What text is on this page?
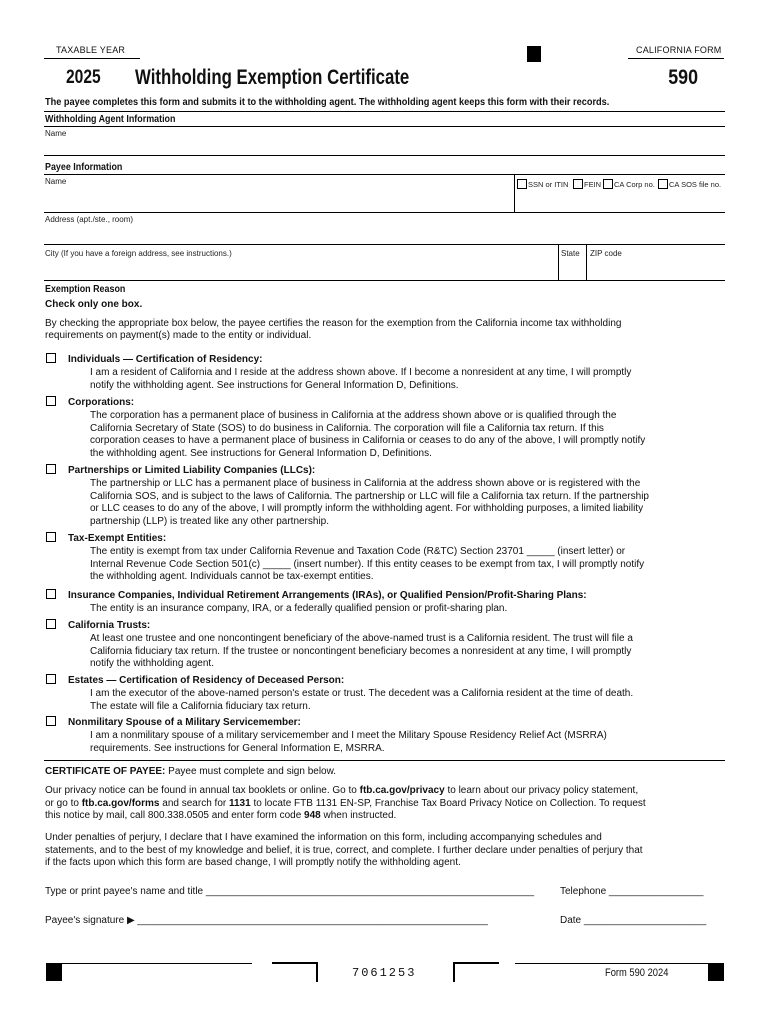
TAXABLE YEAR	CALIFORNIA FORM
2025 Withholding Exemption Certificate	590
The payee completes this form and submits it to the withholding agent. The withholding agent keeps this form with their records.
Withholding Agent Information
Name
Payee Information
Name	SSN or ITIN FEIN CA Corp no. CA SOS file no.
Address (apt./ste., room)
City (If you have a foreign address, see instructions.)	State ZIP code
Exemption Reason
Check only one box.
By checking the appropriate box below, the payee certifies the reason for the exemption from the California income tax withholding
requirements on payment(s) made to the entity or individual.
Individuals — Certification of Residency:
I am a resident of California and I reside at the address shown above. If I become a nonresident at any time, I will promptly
notify the withholding agent. See instructions for General Information D, Definitions.
Corporations:
The corporation has a permanent place of business in California at the address shown above or is qualified through the
California Secretary of State (SOS) to do business in California. The corporation will file a California tax return. If this
corporation ceases to have a permanent place of business in California or ceases to do any of the above, I will promptly notify
the withholding agent. See instructions for General Information D, Definitions.
Partnerships or Limited Liability Companies (LLCs):
The partnership or LLC has a permanent place of business in California at the address shown above or is registered with the
California SOS, and is subject to the laws of California. The partnership or LLC will file a California tax return. If the partnership
or LLC ceases to do any of the above, I will promptly inform the withholding agent. For withholding purposes, a limited liability
partnership (LLP) is treated like any other partnership.
Tax-Exempt Entities:
The entity is exempt from tax under California Revenue and Taxation Code (R&TC) Section 23701 _____ (insert letter) or
Internal Revenue Code Section 501(c) _____ (insert number). If this entity ceases to be exempt from tax, I will promptly notify
the withholding agent. Individuals cannot be tax-exempt entities.
Insurance Companies, Individual Retirement Arrangements (IRAs), or Qualified Pension/Profit-Sharing Plans:
The entity is an insurance company, IRA, or a federally qualified pension or profit-sharing plan.
California Trusts:
At least one trustee and one noncontingent beneficiary of the above-named trust is a California resident. The trust will file a
California fiduciary tax return. If the trustee or noncontingent beneficiary becomes a nonresident at any time, I will promptly
notify the withholding agent.
Estates — Certification of Residency of Deceased Person:
I am the executor of the above-named person's estate or trust. The decedent was a California resident at the time of death.
The estate will file a California fiduciary tax return.
Nonmilitary Spouse of a Military Servicemember:
I am a nonmilitary spouse of a military servicemember and I meet the Military Spouse Residency Relief Act (MSRRA)
requirements. See instructions for General Information E, MSRRA.
CERTIFICATE OF PAYEE: Payee must complete and sign below.
Our privacy notice can be found in annual tax booklets or online. Go to ftb.ca.gov/privacy to learn about our privacy policy statement,
or go to ftb.ca.gov/forms and search for 1131 to locate FTB 1131 EN-SP, Franchise Tax Board Privacy Notice on Collection. To request
this notice by mail, call 800.338.0505 and enter form code 948 when instructed.
Under penalties of perjury, I declare that I have examined the information on this form, including accompanying schedules and
statements, and to the best of my knowledge and belief, it is true, correct, and complete. I further declare under penalties of perjury that
if the facts upon which this form are based change, I will promptly notify the withholding agent.
Type or print payee's name and title ___________________________________________________________	Telephone _________________
Payee's signature ▶ _______________________________________________________________	Date ______________________
7061253	Form 590 2024
